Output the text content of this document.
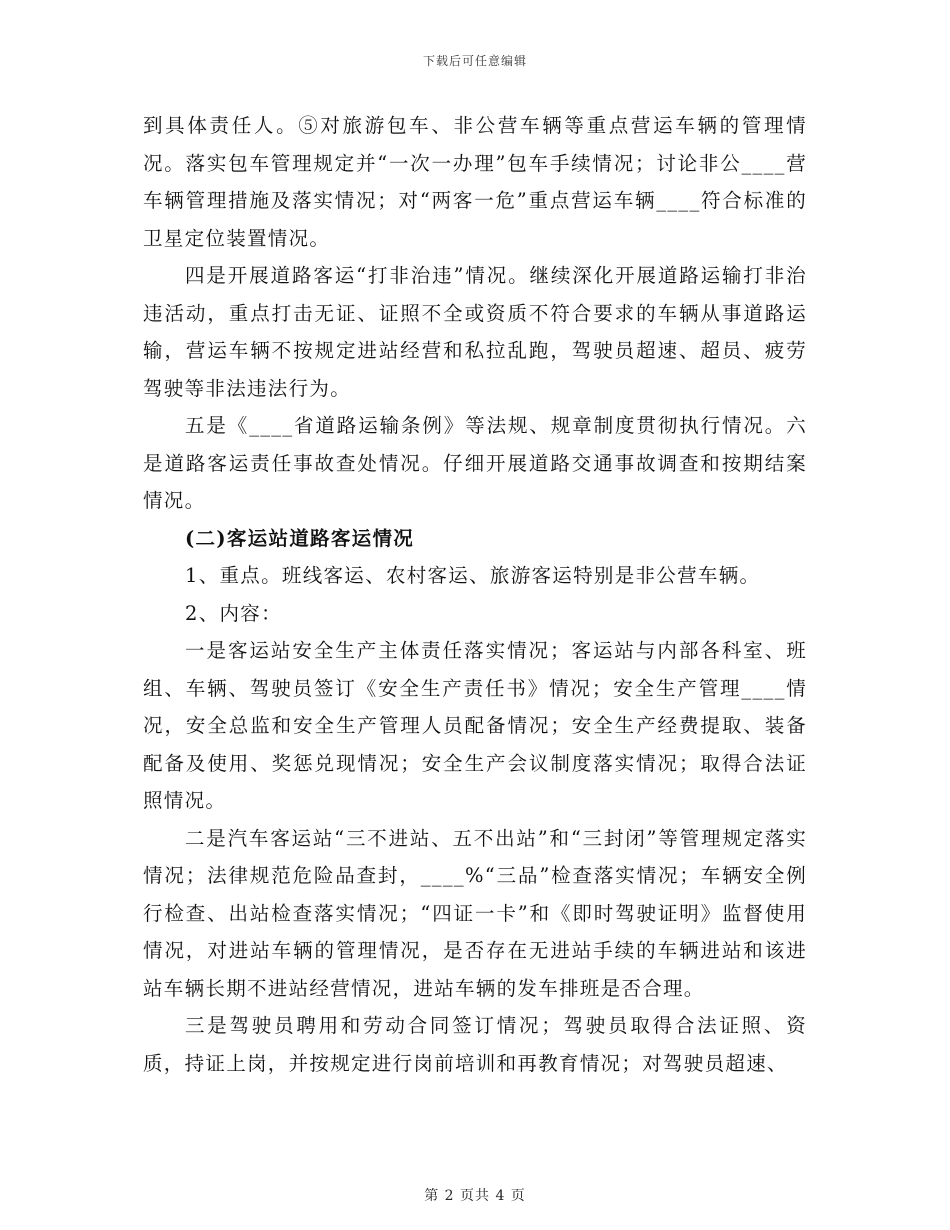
下载后可任意编辑

到具体责任人。⑤对旅游包车、非公营车辆等重点营运车辆的管理情况。落实包车管理规定并“一次一办理”包车手续情况；讨论非公____营车辆管理措施及落实情况；对“两客一危”重点营运车辆____符合标准的卫星定位装置情况。

四是开展道路客运“打非治违”情况。继续深化开展道路运输打非治违活动，重点打击无证、证照不全或资质不符合要求的车辆从事道路运输，营运车辆不按规定进站经营和私拉乱跑，驾驶员超速、超员、疲劳驾驶等非法违法行为。

五是《____省道路运输条例》等法规、规章制度贯彻执行情况。六是道路客运责任事故查处情况。仔细开展道路交通事故调查和按期结案情况。

(二)客运站道路客运情况

1、重点。班线客运、农村客运、旅游客运特别是非公营车辆。

2、内容：

一是客运站安全生产主体责任落实情况；客运站与内部各科室、班组、车辆、驾驶员签订《安全生产责任书》情况；安全生产管理____情况，安全总监和安全生产管理人员配备情况；安全生产经费提取、装备配备及使用、奖惩兑现情况；安全生产会议制度落实情况；取得合法证照情况。

二是汽车客运站“三不进站、五不出站”和“三封闭”等管理规定落实情况；法律规范危险品查封，____%“三品”检查落实情况；车辆安全例行检查、出站检查落实情况；“四证一卡”和《即时驾驶证明》监督使用情况，对进站车辆的管理情况，是否存在无进站手续的车辆进站和该进站车辆长期不进站经营情况，进站车辆的发车排班是否合理。

三是驾驶员聘用和劳动合同签订情况；驾驶员取得合法证照、资质，持证上岗，并按规定进行岗前培训和再教育情况；对驾驶员超速、

第 2 页共 4 页
